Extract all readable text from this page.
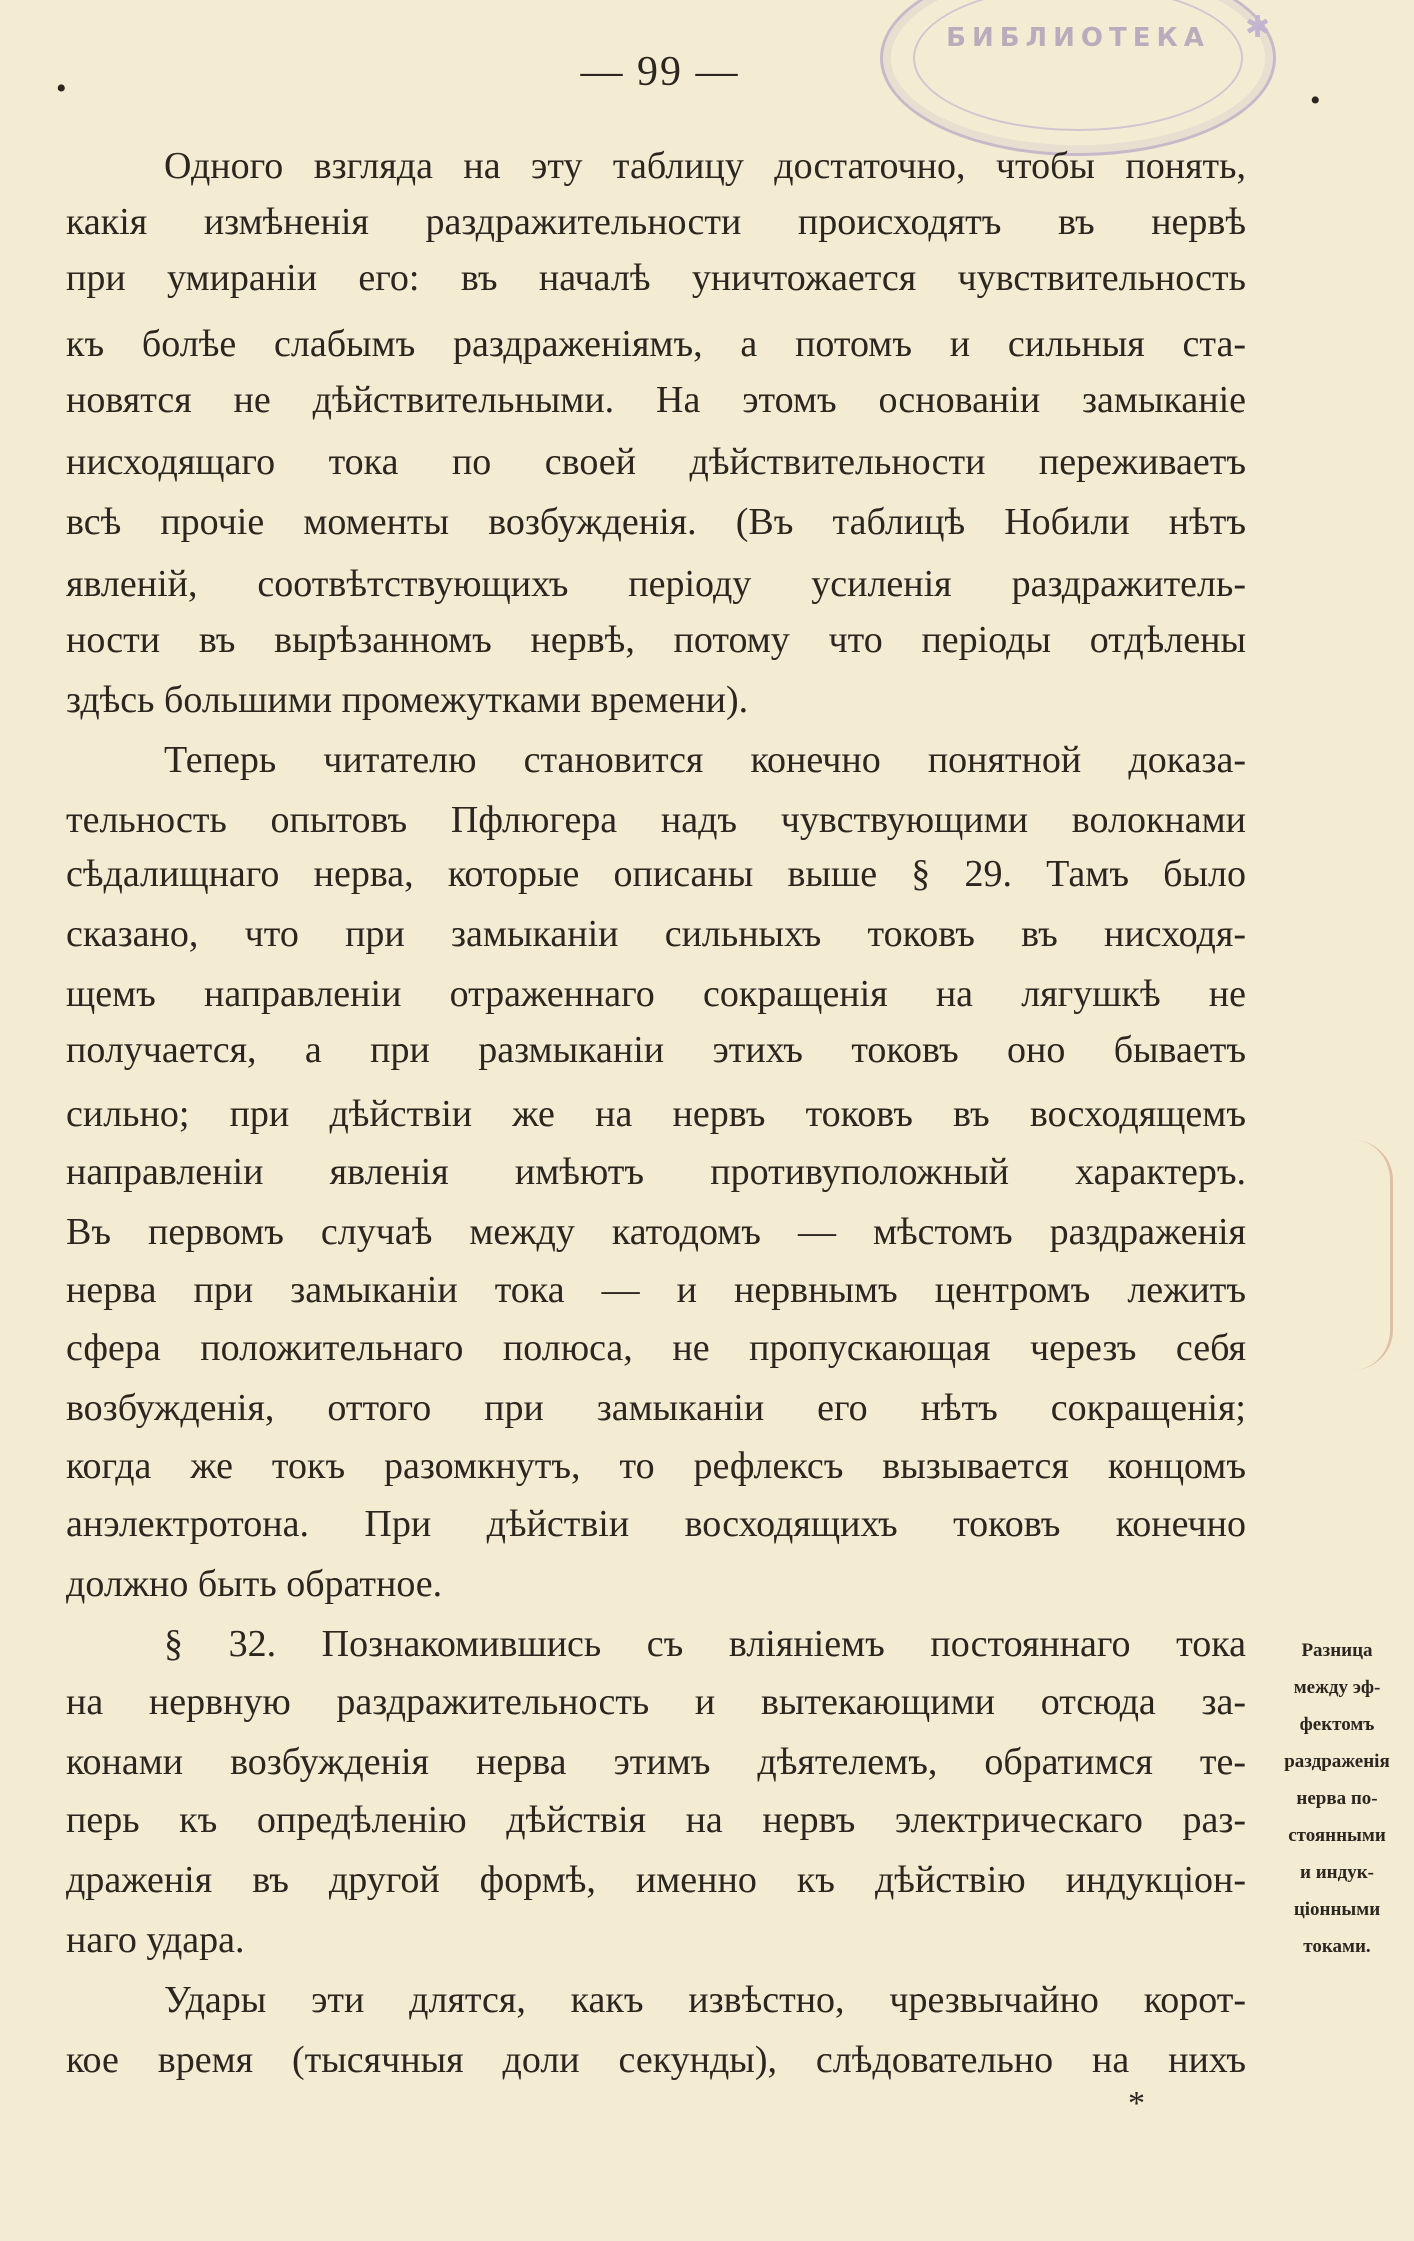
БИБЛИОТЕКА	✱
— 99 —
•	•
Одного взгляда на эту таблицу достаточно, чтобы понять,
какія измѣненія раздражительности происходятъ въ нервѣ
при умираніи его: въ началѣ уничтожается чувствительность
къ болѣе слабымъ раздраженіямъ, а потомъ и сильныя ста-
новятся не дѣйствительными. На этомъ основаніи замыканіе
нисходящаго тока по своей дѣйствительности переживаетъ
всѣ прочіе моменты возбужденія. (Въ таблицѣ Нобили нѣтъ
явленій, соотвѣтствующихъ періоду усиленія раздражитель-
ности въ вырѣзанномъ нервѣ, потому что періоды отдѣлены
здѣсь большими промежутками времени).
Теперь читателю становится конечно понятной доказа-
тельность опытовъ Пфлюгера надъ чувствующими волокнами
сѣдалищнаго нерва, которые описаны выше § 29. Тамъ было
сказано, что при замыканіи сильныхъ токовъ въ нисходя-
щемъ направленіи отраженнаго сокращенія на лягушкѣ не
получается, а при размыканіи этихъ токовъ оно бываетъ
сильно; при дѣйствіи же на нервъ токовъ въ восходящемъ
направленіи явленія имѣютъ противуположный характеръ.
Въ первомъ случаѣ между катодомъ — мѣстомъ раздраженія
нерва при замыканіи тока — и нервнымъ центромъ лежитъ
сфера положительнаго полюса, не пропускающая черезъ себя
возбужденія, оттого при замыканіи его нѣтъ сокращенія;
когда же токъ разомкнутъ, то рефлексъ вызывается концомъ
анэлектротона. При дѣйствіи восходящихъ токовъ конечно
должно быть обратное.
§ 32. Познакомившись съ вліяніемъ постояннаго тока
на нервную раздражительность и вытекающими отсюда за-
конами возбужденія нерва этимъ дѣятелемъ, обратимся те-
перь къ опредѣленію дѣйствія на нервъ электрическаго раз-
драженія въ другой формѣ, именно къ дѣйствію индукціон-
наго удара.
Удары эти длятся, какъ извѣстно, чрезвычайно корот-
кое время (тысячныя доли секунды), слѣдовательно на нихъ
Разница
между эф-
фектомъ
раздраженія
нерва по-
стоянными
и индук-
ціонными
токами.
*
